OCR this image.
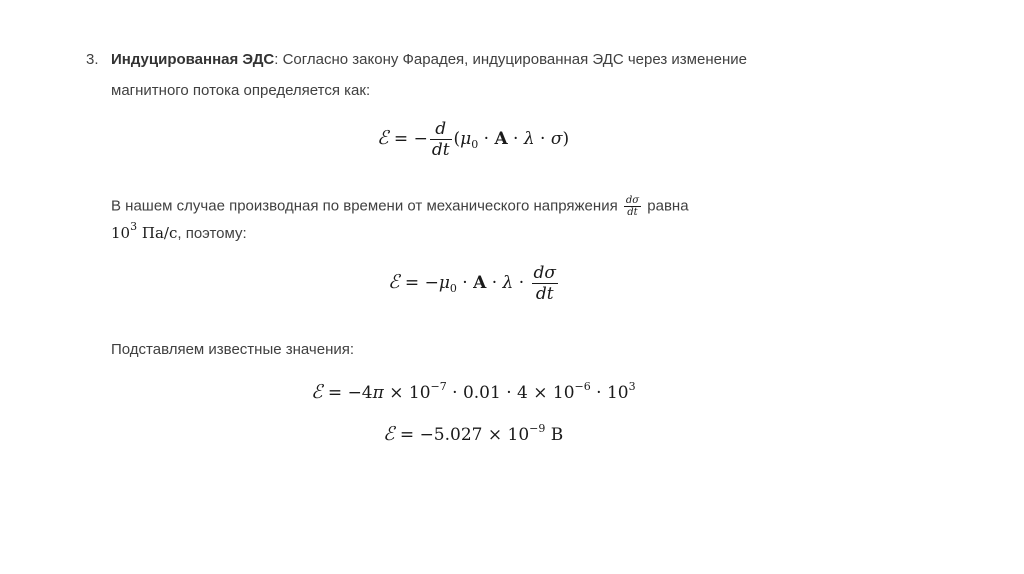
3. Индуцированная ЭДС: Согласно закону Фарадея, индуцированная ЭДС через изменение
магнитного потока определяется как:
ℰ = − $\frac{d}{dt} (\mu_0 \cdot A \cdot \lambda \cdot \sigma)$
В нашем случае производная по времени от механического напряжения $\frac{d\sigma}{dt}$ равна
$10^3$ Па/с, поэтому:
ℰ = $-\mu_0 \cdot A \cdot \lambda \cdot \frac{d\sigma}{dt}$
Подставляем известные значения:
ℰ = $-4\pi \times 10^{-7} \cdot 0.01 \cdot 4 \times 10^{-6} \cdot 10^3$
ℰ = $-5.027 \times 10^{-9}$ В
